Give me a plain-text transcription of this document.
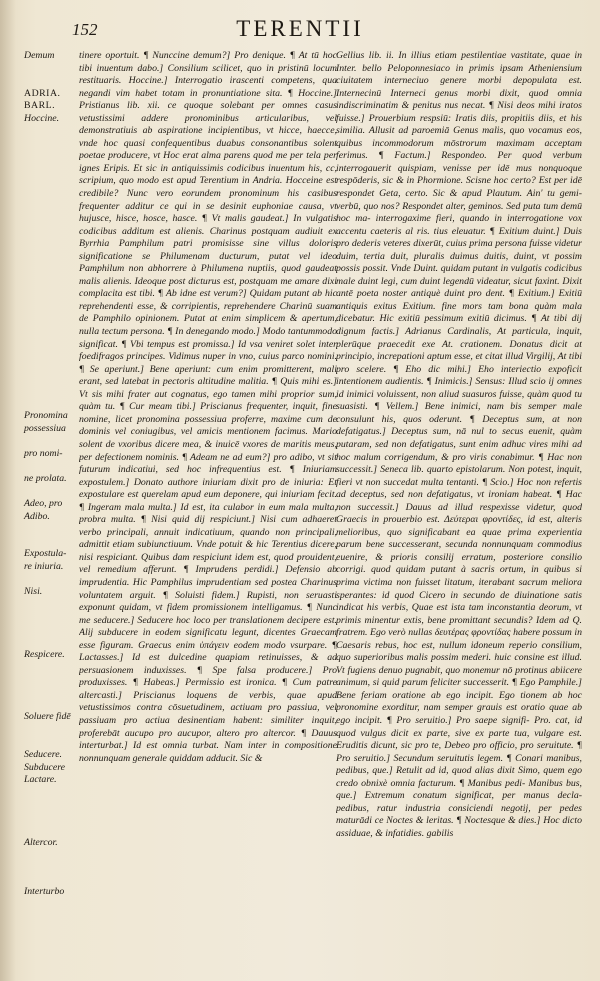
152	TERENTII
Demum
ADRIA.
BARL.
Hoccine.
Pronomina
possessiua
pro nomi-
ne prolata.
Adeo, pro
Adibo.
Expostula-
re iniuria.
Nisi.
Respicere.
Soluere fidē
Seducere.
Subducere
Lactare.
Altercor.
Interturbo

tinere oportuit. ¶ Nunccine demum?] Pro denique. ¶ At tū hoc tibi inuentum dabo.] Consilium scilicet, quo in pristinū locum restituaris. Hoccine.] Interrogatio irascenti competens, qua negandi vim habet totam in pronuntiatione sita. ¶ Hoccine.] Pristianus lib. xii. ce quoque solebant per omnes casus vetustissimi addere pronominibus articularibus, vel demonstratiuis ab aspiratione incipientibus, vt hicce, haecce, vnde hoc quasi confequentibus duabus consonantibus solent poetae producere, vt Hoc erat alma parens quod me per tela per ignes Eripis. Et sic in antiquissimis codicibus inuentum his, cc, scripium, quo modo est apud Terentium in Andria. Hocceine est credibile? Nunc vero eorundem pronominum his casibus frequenter additur ce qui in se desinit euphoniae causa, vt hujusce, hisce, hosce, hasce. ¶ Vt malis gaudeat.] In vulgatis codicibus additum est alienis. Charinus postquam audiuit ex Byrrhia Pamphilum patri promisisse sine villus doloris significatione se Philumenam ducturum, putat vel ideo Pamphilum non abhorrere à Philumena nuptiis, quod gaudeat malis alienis. Ideoque post dicturus est, postquam me amare dixi complacita est tibi. ¶ Ab idne est verum?] Quidam putant ab hic reprehendenti esse, & corripientis, reprehendere Charinū suam de Pamphilo opinionem. Putat at enim simplicem & apertum, nulla tectum persona. ¶ In denegando modo.] Modo tantummodo significat. ¶ Vbi tempus est promissa.] Id vsa veniret solet inter foedifragos principes. Vidimus nuper in vno, cuius parco nomini. ¶ Se aperiunt.] Bene aperiunt: cum enim promitterent, mali erant, sed latebat in pectoris altitudine malitia. ¶ Quis mihi es.] Vt sis mihi frater aut cognatus, ego tamen mihi proprior sum, quàm tu. ¶ Cur meam tibi.] Priscianus frequenter, inquit, fine nomine, licet pronomina possessiua proferre, maxime cum de dominis vel coniugibus, vel amicis mentionem facimus. Mario solent de vxoribus dicere mea, & inuicē vxores de maritis meus, per defectionem nominis. ¶ Adeam ne ad eum?] pro adibo, vt sit futurum indicatiui, sed hoc infrequentius est. ¶ Iniuriam expostulem.] Donato authore iniuriam dixit pro de iniuria: Et expostulare est querelam apud eum deponere, qui iniuriam fecit. ¶ Ingeram mala multa.] Id est, ita culabor in eum mala multa, probra multa. ¶ Nisi quid dij respiciunt.] Nisi cum adhaeret verbo principali, annuit indicatiuum, quando non principali, admittit etiam subiunctiuum. Vnde potuit & hic Terentius dicere, nisi respiciant. Quibus dam respiciunt idem est, quod prouident, vel remedium afferunt. ¶ Imprudens perdidi.] Defensio ab imprudentia. Hic Pamphilus imprudentiam sed postea Charinus voluntatem arguit. ¶ Soluisti fidem.] Rupisti, non seruasti exponunt quidam, vt fidem promissionem intelligamus. ¶ Nunc me seducere.] Seducere hoc loco per translationem decipere est. Alij subducere in eodem significatu legunt, dicentes Graecam esse figuram. Graecus enim ὑπάγειν eodem modo vsurpare. ¶ Lactasses.] Id est dulcedine quapiam retinuisses, & ad persuasionem induxisses. ¶ Spe falsa producere.] Pro produxisses. ¶ Habeas.] Permissio est ironica. ¶ Cum patre altercasti.] Priscianus loquens de verbis, quae apud vetustissimos contra cōsuetudinem, actiuam pro passiua, vel passiuam pro actiua desinentiam habent: similiter inquit, proferebāt aucupo pro aucupor, altero pro altercor. ¶ Dauus interturbat.] Id est omnia turbat. Nam inter in compositione nonnunquam generale quiddam adducit. Sic &

Gellius lib. ii. In illius etiam pestilentiae vastitate, quae in Inter. bello Peloponnesiaco in primis ipsam Atheniensium ciuitatem interneciuo genere morbi depopulata est. Internecinū Interneci genus morbi dixit, quod omnia indiscriminatim & penitus nus necat. ¶ Nisi deos mihi iratos fuisse.] Prouerbium respsiū: Iratis diis, propitiis diis, et his similia. Allusit ad paroemiā Genus malis, quo vocamus eos, quibus incommodorum mōstrorum maximam acceptam ferimus. ¶ Factum.] Respondeo. Per quod verbum interrogauerit quispiam, venisse per idē mus nonquoque respōderis, sic & in Phormione. Scisne hoc certo? Est per idē respondet Geta, certo. Sic & apud Plautum. Ain' tu gemi- verbū, quo nos? Respondet alter, geminos. Sed puta tum demū hoc ma- interrogaxime fieri, quando in interrogatione vox accentu caeteris al ris. tius eleuatur. ¶ Exitium duint.] Duis pro dederis veteres dixerūt, cuius prima persona fuisse videtur duim, tertia duit, pluralis duimus duitis, duint, vt possim possis possit. Vnde Duint. quidam putant in vulgatis codicibus male duint legi, cum duint legendū videatur, sicut faxint. Dixit antē poeta noster antiquè duint pro dent. ¶ Exitium.] Exitiū antiquis exitus Exitium. fine mors tam bona quàm mala dicebatur. Hic exitiū pessimum exitiū dicimus. ¶ At tibi dij dignum factis.] Adrianus Cardinalis, At particula, inquit, plerūque praecedit exe At. crationem. Donatus dicit at principio, increpationi aptum esse, et citat illud Virgilij, At tibi pro scelere. ¶ Eho dic mihi.] Eho interiectio expoficit intentionem audientis. ¶ Inimicis.] Sensus: Illud scio ij omnes id inimici voluissent, non aliud suasuros fuisse, quàm quod tu suasisti. ¶ Vellem.] Bene inimici, nam bis semper male consulunt his, quos oderunt. ¶ Deceptus sum, at non defatigatus.] Deceptus sum, nā nul to secus euenit, quàm putaram, sed non defatigatus, sunt enim adhuc vires mihi ad hoc malum corrigendum, & pro viris conabimur. ¶ Hac non successit.] Seneca lib. quarto epistolarum. Non potest, inquit, fieri vt non succedat multa tentanti. ¶ Scio.] Hoc non refertis ad deceptus, sed non defatigatus, vt ironiam habeat. ¶ Hac non successit.] Dauus ad illud respexisse videtur, quod Graecis in prouerbio est. Δεύτεραι φροντίδες, id est, alteris melioribus, quo significabant ea quae prima experientia parum bene successerant, secunda nonnunquam commodius euenire, & prioris consilij erratum, posteriore consilio corrigi. quod quidam putant à sacris ortum, in quibus si prima victima non fuisset litatum, iterabant sacrum meliora sperantes: id quod Cicero in secundo de diuinatione satis indicat his verbis, Quae est ista tam inconstantia deorum, vt primis minentur extis, bene promittant secundis? Idem ad Q. fratrem. Ego verò nullas δευτέρας φροντίδας habere possum in Caesaris rebus, hoc est, nullum idoneum reperio consilium, quo superioribus malis possim mederi. huic consine est illud. Vt fugiens denuo pugnabit, quo monemur nō protinus abiicere animum, si quid parum feliciter successerit. ¶ Ego Pamphile.] Bene feriam oratione ab ego incipit. Ego tionem ab hoc pronomine exorditur, nam semper grauis est oratio quae ab ego incipit. ¶ Pro seruitio.] Pro saepe signifi- Pro. cat, id quod vulgus dicit ex parte, sive ex parte tua, vulgare est. Eruditis dicunt, sic pro te, Debeo pro officio, pro seruitute. ¶ Pro seruitio.] Secundum seruitutis legem. ¶ Conari manibus, pedibus, que.] Retulit ad id, quod alias dixit Simo, quem ego credo obnixè omnia facturum. ¶ Manibus pedi- Manibus bus, que.] Extremum conatum significat, per manus decla- pedibus, ratur industria consiciendi negotij, per pedes maturādi ce Noctes & leritas. ¶ Noctesque & dies.] Hoc dicto assiduae, & infatidies. gabilis
